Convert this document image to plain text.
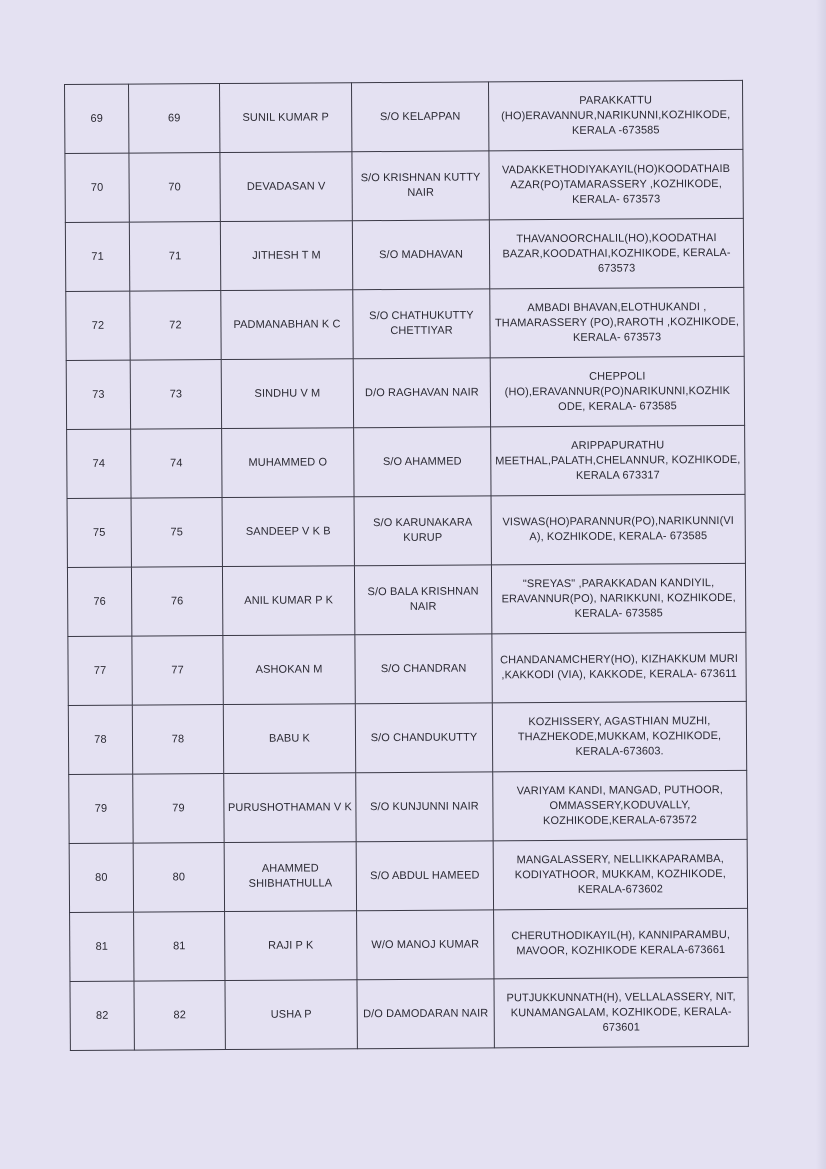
69	69	SUNIL KUMAR P	S/O KELAPPAN	PARAKKATTU (HO)ERAVANNUR,NARIKUNNI,KOZHIKODE, KERALA -673585
70	70	DEVADASAN V	S/O KRISHNAN KUTTY NAIR	VADAKKETHODIYAKAYIL(HO)KOODATHAIB AZAR(PO)TAMARASSERY ,KOZHIKODE, KERALA- 673573
71	71	JITHESH T M	S/O MADHAVAN	THAVANOORCHALIL(HO),KOODATHAI BAZAR,KOODATHAI,KOZHIKODE, KERALA- 673573
72	72	PADMANABHAN K C	S/O CHATHUKUTTY CHETTIYAR	AMBADI BHAVAN,ELOTHUKANDI , THAMARASSERY (PO),RAROTH ,KOZHIKODE, KERALA- 673573
73	73	SINDHU V M	D/O RAGHAVAN NAIR	CHEPPOLI (HO),ERAVANNUR(PO)NARIKUNNI,KOZHIK ODE, KERALA- 673585
74	74	MUHAMMED O	S/O AHAMMED	ARIPPAPURATHU MEETHAL,PALATH,CHELANNUR, KOZHIKODE, KERALA 673317
75	75	SANDEEP V K B	S/O KARUNAKARA KURUP	VISWAS(HO)PARANNUR(PO),NARIKUNNI(VI A), KOZHIKODE, KERALA- 673585
76	76	ANIL KUMAR P K	S/O BALA KRISHNAN NAIR	"SREYAS" ,PARAKKADAN KANDIYIL, ERAVANNUR(PO), NARIKKUNI, KOZHIKODE, KERALA- 673585
77	77	ASHOKAN M	S/O CHANDRAN	CHANDANAMCHERY(HO), KIZHAKKUM MURI ,KAKKODI (VIA), KAKKODE, KERALA- 673611
78	78	BABU K	S/O CHANDUKUTTY	KOZHISSERY, AGASTHIAN MUZHI, THAZHEKODE,MUKKAM, KOZHIKODE, KERALA-673603.
79	79	PURUSHOTHAMAN V K	S/O KUNJUNNI NAIR	VARIYAM KANDI, MANGAD, PUTHOOR, OMMASSERY,KODUVALLY, KOZHIKODE,KERALA-673572
80	80	AHAMMED SHIBHATHULLA	S/O ABDUL HAMEED	MANGALASSERY, NELLIKKAPARAMBA, KODIYATHOOR, MUKKAM, KOZHIKODE, KERALA-673602
81	81	RAJI P K	W/O MANOJ KUMAR	CHERUTHODIKAYIL(H), KANNIPARAMBU, MAVOOR, KOZHIKODE KERALA-673661
82	82	USHA P	D/O DAMODARAN NAIR	PUTJUKKUNNATH(H), VELLALASSERY, NIT, KUNAMANGALAM, KOZHIKODE, KERALA-673601
